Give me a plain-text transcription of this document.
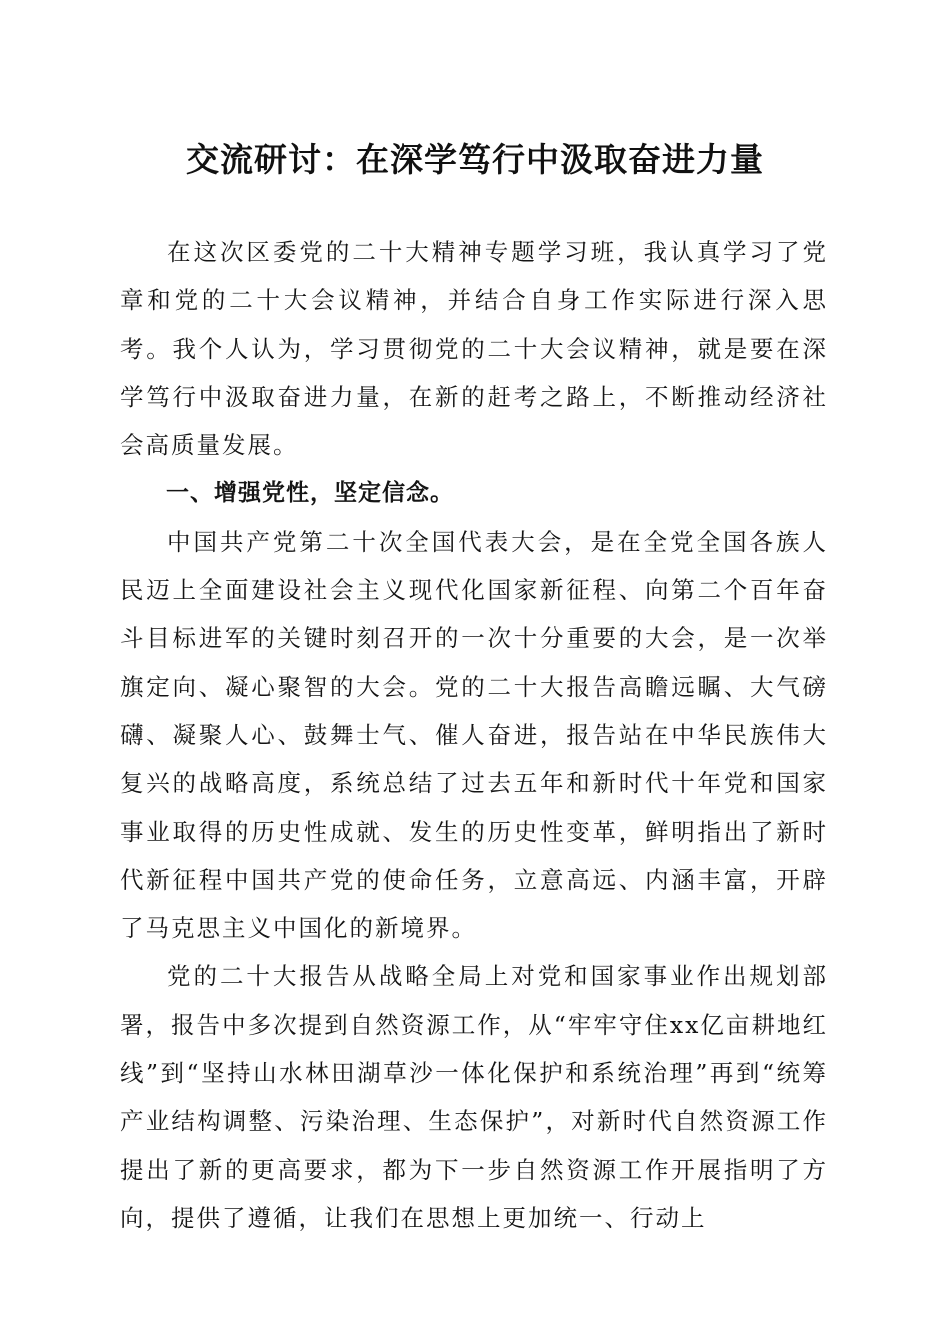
交流研讨：在深学笃行中汲取奋进力量

在这次区委党的二十大精神专题学习班，我认真学习了党章和党的二十大会议精神，并结合自身工作实际进行深入思考。我个人认为，学习贯彻党的二十大会议精神，就是要在深学笃行中汲取奋进力量，在新的赶考之路上，不断推动经济社会高质量发展。

一、增强党性，坚定信念。

中国共产党第二十次全国代表大会，是在全党全国各族人民迈上全面建设社会主义现代化国家新征程、向第二个百年奋斗目标进军的关键时刻召开的一次十分重要的大会，是一次举旗定向、凝心聚智的大会。党的二十大报告高瞻远瞩、大气磅礴、凝聚人心、鼓舞士气、催人奋进，报告站在中华民族伟大复兴的战略高度，系统总结了过去五年和新时代十年党和国家事业取得的历史性成就、发生的历史性变革，鲜明指出了新时代新征程中国共产党的使命任务，立意高远、内涵丰富，开辟了马克思主义中国化的新境界。

党的二十大报告从战略全局上对党和国家事业作出规划部署，报告中多次提到自然资源工作，从“牢牢守住xx亿亩耕地红线”到“坚持山水林田湖草沙一体化保护和系统治理”再到“统筹产业结构调整、污染治理、生态保护”，对新时代自然资源工作提出了新的更高要求，都为下一步自然资源工作开展指明了方向，提供了遵循，让我们在思想上更加统一、行动上
